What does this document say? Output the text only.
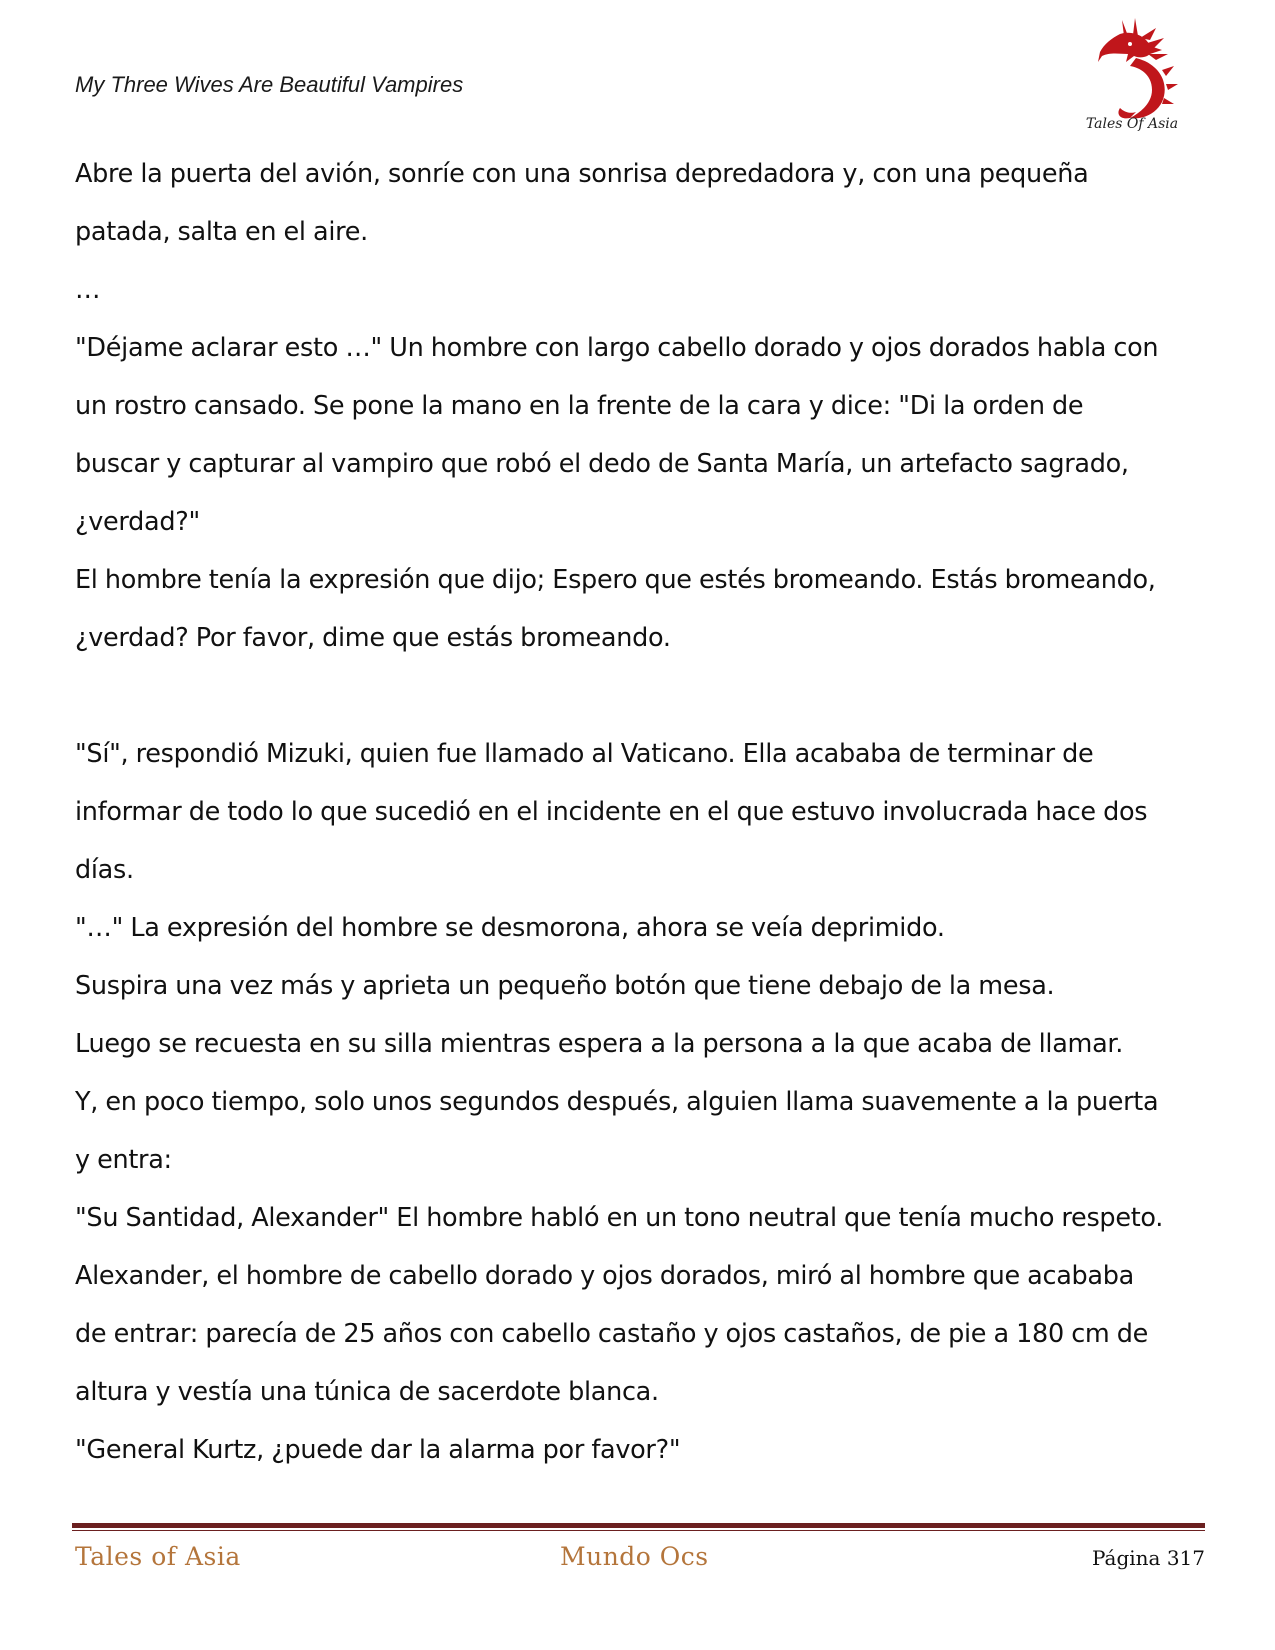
My Three Wives Are Beautiful Vampires
Tales Of Asia

Abre la puerta del avión, sonríe con una sonrisa depredadora y, con una pequeña

patada, salta en el aire.

…

"Déjame aclarar esto …" Un hombre con largo cabello dorado y ojos dorados habla con

un rostro cansado. Se pone la mano en la frente de la cara y dice: "Di la orden de

buscar y capturar al vampiro que robó el dedo de Santa María, un artefacto sagrado,

¿verdad?"

El hombre tenía la expresión que dijo; Espero que estés bromeando. Estás bromeando,

¿verdad? Por favor, dime que estás bromeando.

"Sí", respondió Mizuki, quien fue llamado al Vaticano. Ella acababa de terminar de

informar de todo lo que sucedió en el incidente en el que estuvo involucrada hace dos

días.

"…" La expresión del hombre se desmorona, ahora se veía deprimido.

Suspira una vez más y aprieta un pequeño botón que tiene debajo de la mesa.

Luego se recuesta en su silla mientras espera a la persona a la que acaba de llamar.

Y, en poco tiempo, solo unos segundos después, alguien llama suavemente a la puerta

y entra:

"Su Santidad, Alexander" El hombre habló en un tono neutral que tenía mucho respeto.

Alexander, el hombre de cabello dorado y ojos dorados, miró al hombre que acababa

de entrar: parecía de 25 años con cabello castaño y ojos castaños, de pie a 180 cm de

altura y vestía una túnica de sacerdote blanca.

"General Kurtz, ¿puede dar la alarma por favor?"

Tales of Asia	Mundo Ocs	Página 317
